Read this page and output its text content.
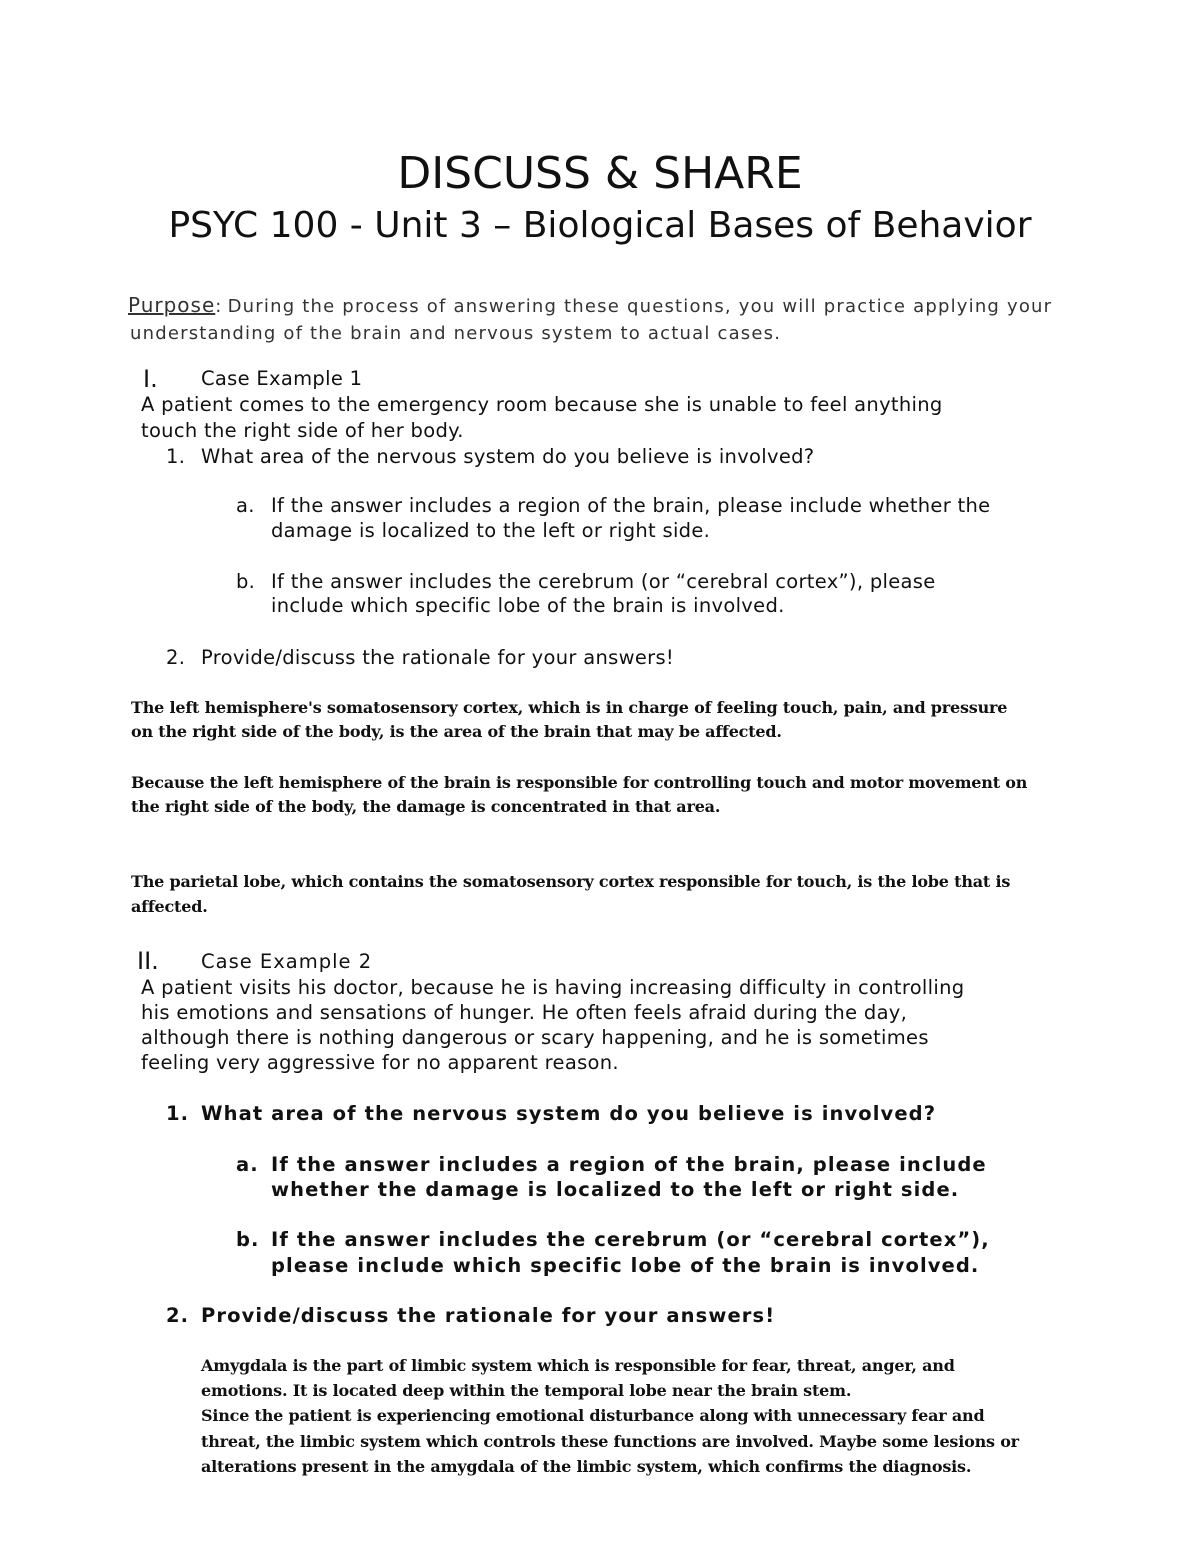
DISCUSS & SHARE
PSYC 100 - Unit 3 – Biological Bases of Behavior
Purpose: During the process of answering these questions, you will practice applying your
understanding of the brain and nervous system to actual cases.
I. Case Example 1
A patient comes to the emergency room because she is unable to feel anything
touch the right side of her body.
1. What area of the nervous system do you believe is involved?
a. If the answer includes a region of the brain, please include whether the
damage is localized to the left or right side.
b. If the answer includes the cerebrum (or “cerebral cortex”), please
include which specific lobe of the brain is involved.
2. Provide/discuss the rationale for your answers!
The left hemisphere's somatosensory cortex, which is in charge of feeling touch, pain, and pressure
on the right side of the body, is the area of the brain that may be affected.
Because the left hemisphere of the brain is responsible for controlling touch and motor movement on
the right side of the body, the damage is concentrated in that area.
The parietal lobe, which contains the somatosensory cortex responsible for touch, is the lobe that is
affected.
II. Case Example 2
A patient visits his doctor, because he is having increasing difficulty in controlling
his emotions and sensations of hunger. He often feels afraid during the day,
although there is nothing dangerous or scary happening, and he is sometimes
feeling very aggressive for no apparent reason.
1. What area of the nervous system do you believe is involved?
a. If the answer includes a region of the brain, please include
whether the damage is localized to the left or right side.
b. If the answer includes the cerebrum (or “cerebral cortex”),
please include which specific lobe of the brain is involved.
2. Provide/discuss the rationale for your answers!
Amygdala is the part of limbic system which is responsible for fear, threat, anger, and
emotions. It is located deep within the temporal lobe near the brain stem.
Since the patient is experiencing emotional disturbance along with unnecessary fear and
threat, the limbic system which controls these functions are involved. Maybe some lesions or
alterations present in the amygdala of the limbic system, which confirms the diagnosis.
